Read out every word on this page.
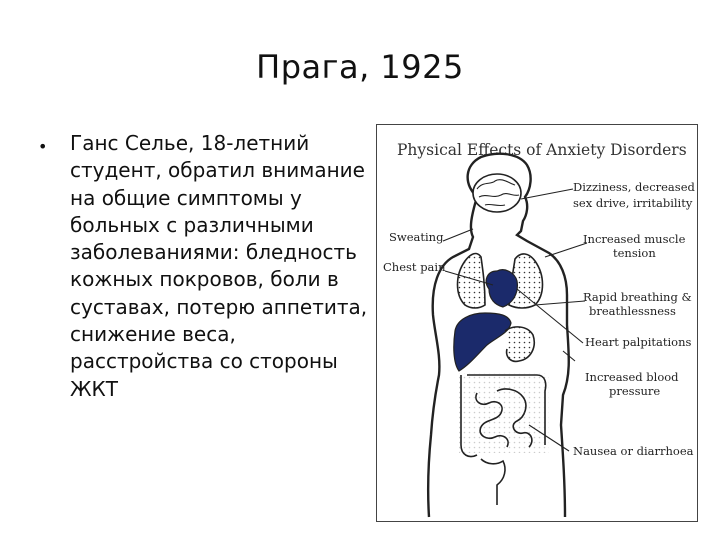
Прага, 1925
• Ганс Селье, 18-летний
студент, обратил внимание
на общие симптомы у
больных с различными
заболеваниями: бледность
кожных покровов, боли в
суставах, потерю аппетита,
снижение веса,
расстройства со стороны
ЖКТ
Physical Effects of Anxiety Disorders
Dizziness, decreased
sex drive, irritability
Sweating	Increased muscle
tension
Chest pain
Rapid breathing &
breathlessness
Heart palpitations
Increased blood
pressure
Nausea or diarrhoea
